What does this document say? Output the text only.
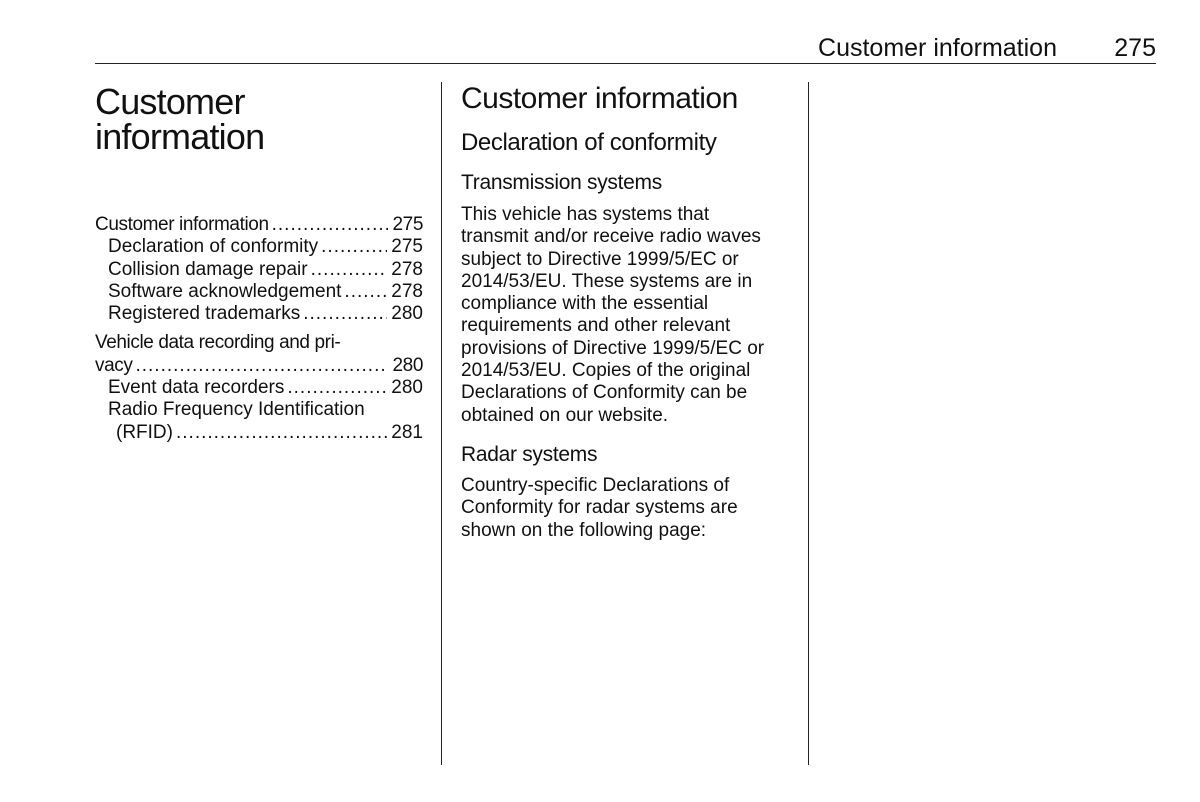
Customer information 275
Customer
information
Customer information .....	275
Declaration of conformity .....	275
Collision damage repair .....	278
Software acknowledgement .....	278
Registered trademarks .....	280
Vehicle data recording and pri-
vacy .....	280
Event data recorders .....	280
Radio Frequency Identification
(RFID) .....	281
Customer information
Declaration of conformity
Transmission systems

This vehicle has systems that
transmit and/or receive radio waves
subject to Directive 1999/5/EC or
2014/53/EU. These systems are in
compliance with the essential
requirements and other relevant
provisions of Directive 1999/5/EC or
2014/53/EU. Copies of the original
Declarations of Conformity can be
obtained on our website.

Radar systems

Country-specific Declarations of
Conformity for radar systems are
shown on the following page:
